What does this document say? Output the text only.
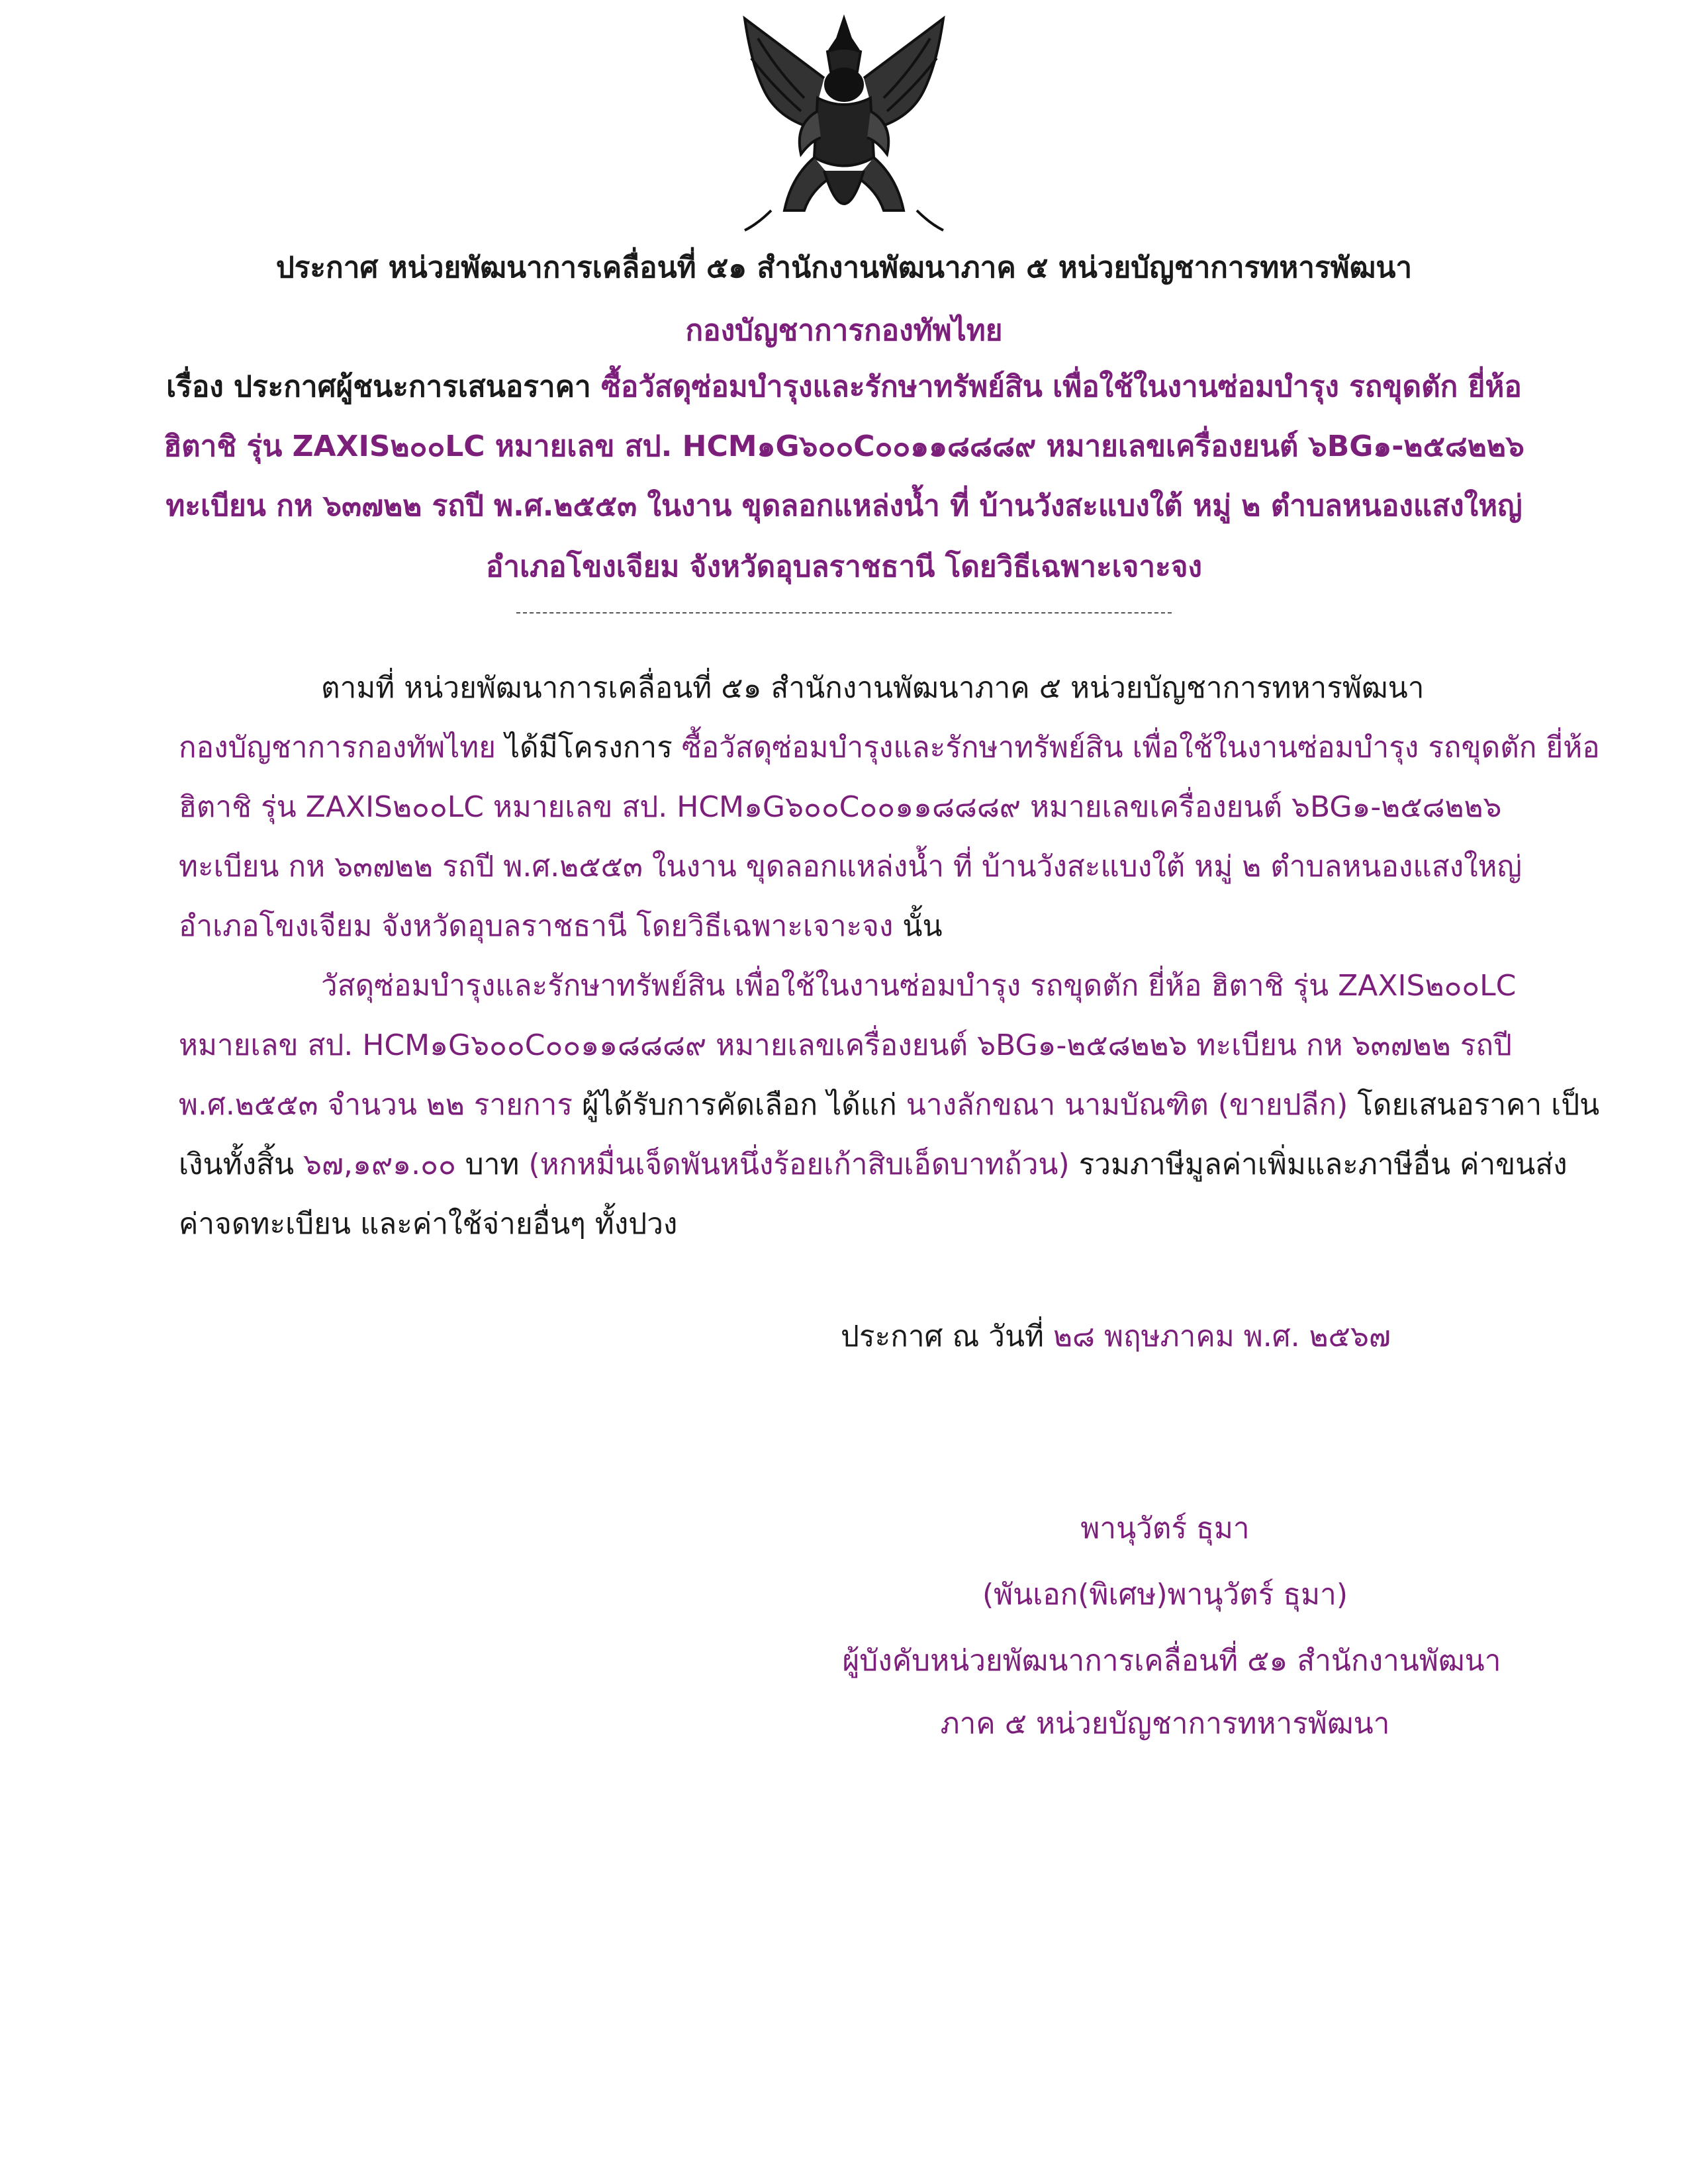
ประกาศ หน่วยพัฒนาการเคลื่อนที่ ๕๑ สำนักงานพัฒนาภาค ๕ หน่วยบัญชาการทหารพัฒนา
กองบัญชาการกองทัพไทย
เรื่อง ประกาศผู้ชนะการเสนอราคา ซื้อวัสดุซ่อมบำรุงและรักษาทรัพย์สิน เพื่อใช้ในงานซ่อมบำรุง รถขุดตัก ยี่ห้อ
ฮิตาชิ รุ่น ZAXIS๒๐๐LC หมายเลข สป. HCM๑G๖๐๐C๐๐๑๑๘๘๘๙ หมายเลขเครื่องยนต์ ๖BG๑-๒๕๘๒๒๖
ทะเบียน กห ๖๓๗๒๒ รถปี พ.ศ.๒๕๕๓ ในงาน ขุดลอกแหล่งน้ำ ที่ บ้านวังสะแบงใต้ หมู่ ๒ ตำบลหนองแสงใหญ่
อำเภอโขงเจียม จังหวัดอุบลราชธานี โดยวิธีเฉพาะเจาะจง
ตามที่ หน่วยพัฒนาการเคลื่อนที่ ๕๑ สำนักงานพัฒนาภาค ๕ หน่วยบัญชาการทหารพัฒนา
กองบัญชาการกองทัพไทย ได้มีโครงการ ซื้อวัสดุซ่อมบำรุงและรักษาทรัพย์สิน เพื่อใช้ในงานซ่อมบำรุง รถขุดตัก ยี่ห้อ
ฮิตาชิ รุ่น ZAXIS๒๐๐LC หมายเลข สป. HCM๑G๖๐๐C๐๐๑๑๘๘๘๙ หมายเลขเครื่องยนต์ ๖BG๑-๒๕๘๒๒๖
ทะเบียน กห ๖๓๗๒๒ รถปี พ.ศ.๒๕๕๓ ในงาน ขุดลอกแหล่งน้ำ ที่ บ้านวังสะแบงใต้ หมู่ ๒ ตำบลหนองแสงใหญ่
อำเภอโขงเจียม จังหวัดอุบลราชธานี โดยวิธีเฉพาะเจาะจง นั้น
วัสดุซ่อมบำรุงและรักษาทรัพย์สิน เพื่อใช้ในงานซ่อมบำรุง รถขุดตัก ยี่ห้อ ฮิตาชิ รุ่น ZAXIS๒๐๐LC
หมายเลข สป. HCM๑G๖๐๐C๐๐๑๑๘๘๘๙ หมายเลขเครื่องยนต์ ๖BG๑-๒๕๘๒๒๖ ทะเบียน กห ๖๓๗๒๒ รถปี
พ.ศ.๒๕๕๓ จำนวน ๒๒ รายการ ผู้ได้รับการคัดเลือก ได้แก่ นางลักขณา นามบัณฑิต (ขายปลีก) โดยเสนอราคา เป็น
เงินทั้งสิ้น ๖๗,๑๙๑.๐๐ บาท (หกหมื่นเจ็ดพันหนึ่งร้อยเก้าสิบเอ็ดบาทถ้วน) รวมภาษีมูลค่าเพิ่มและภาษีอื่น ค่าขนส่ง
ค่าจดทะเบียน และค่าใช้จ่ายอื่นๆ ทั้งปวง
ประกาศ ณ วันที่ ๒๘ พฤษภาคม พ.ศ. ๒๕๖๗
พานุวัตร์ ธุมา
(พันเอก(พิเศษ)พานุวัตร์ ธุมา)
ผู้บังคับหน่วยพัฒนาการเคลื่อนที่ ๕๑ สำนักงานพัฒนา
ภาค ๕ หน่วยบัญชาการทหารพัฒนา
